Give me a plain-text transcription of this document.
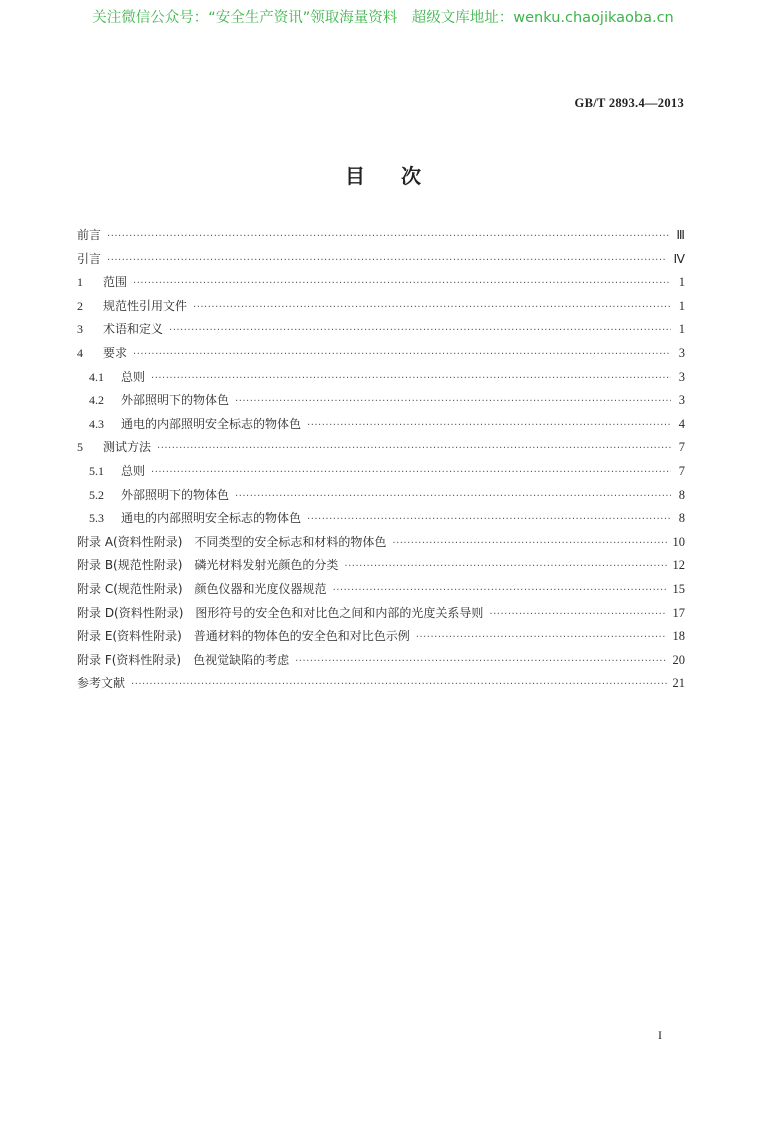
关注微信公众号：“安全生产资讯”领取海量资料　超级文库地址：wenku.chaojikaoba.cn
GB/T 2893.4—2013
目次
前言 ·····	Ⅲ
引言 ·····	Ⅳ
1	范围 ·····	1
2	规范性引用文件 ·····	1
3	术语和定义 ·····	1
4	要求 ·····	3
4.1	总则 ·····	3
4.2	外部照明下的物体色 ·····	3
4.3	通电的内部照明安全标志的物体色 ·····	4
5	测试方法 ·····	7
5.1	总则 ·····	7
5.2	外部照明下的物体色 ·····	8
5.3	通电的内部照明安全标志的物体色 ·····	8
附录 A(资料性附录)　不同类型的安全标志和材料的物体色 ·····	10
附录 B(规范性附录)　磷光材料发射光颜色的分类 ·····	12
附录 C(规范性附录)　颜色仪器和光度仪器规范 ·····	15
附录 D(资料性附录)　图形符号的安全色和对比色之间和内部的光度关系导则 ·····	17
附录 E(资料性附录)　普通材料的物体色的安全色和对比色示例 ·····	18
附录 F(资料性附录)　色视觉缺陷的考虑 ·····	20
参考文献 ·····	21
I
